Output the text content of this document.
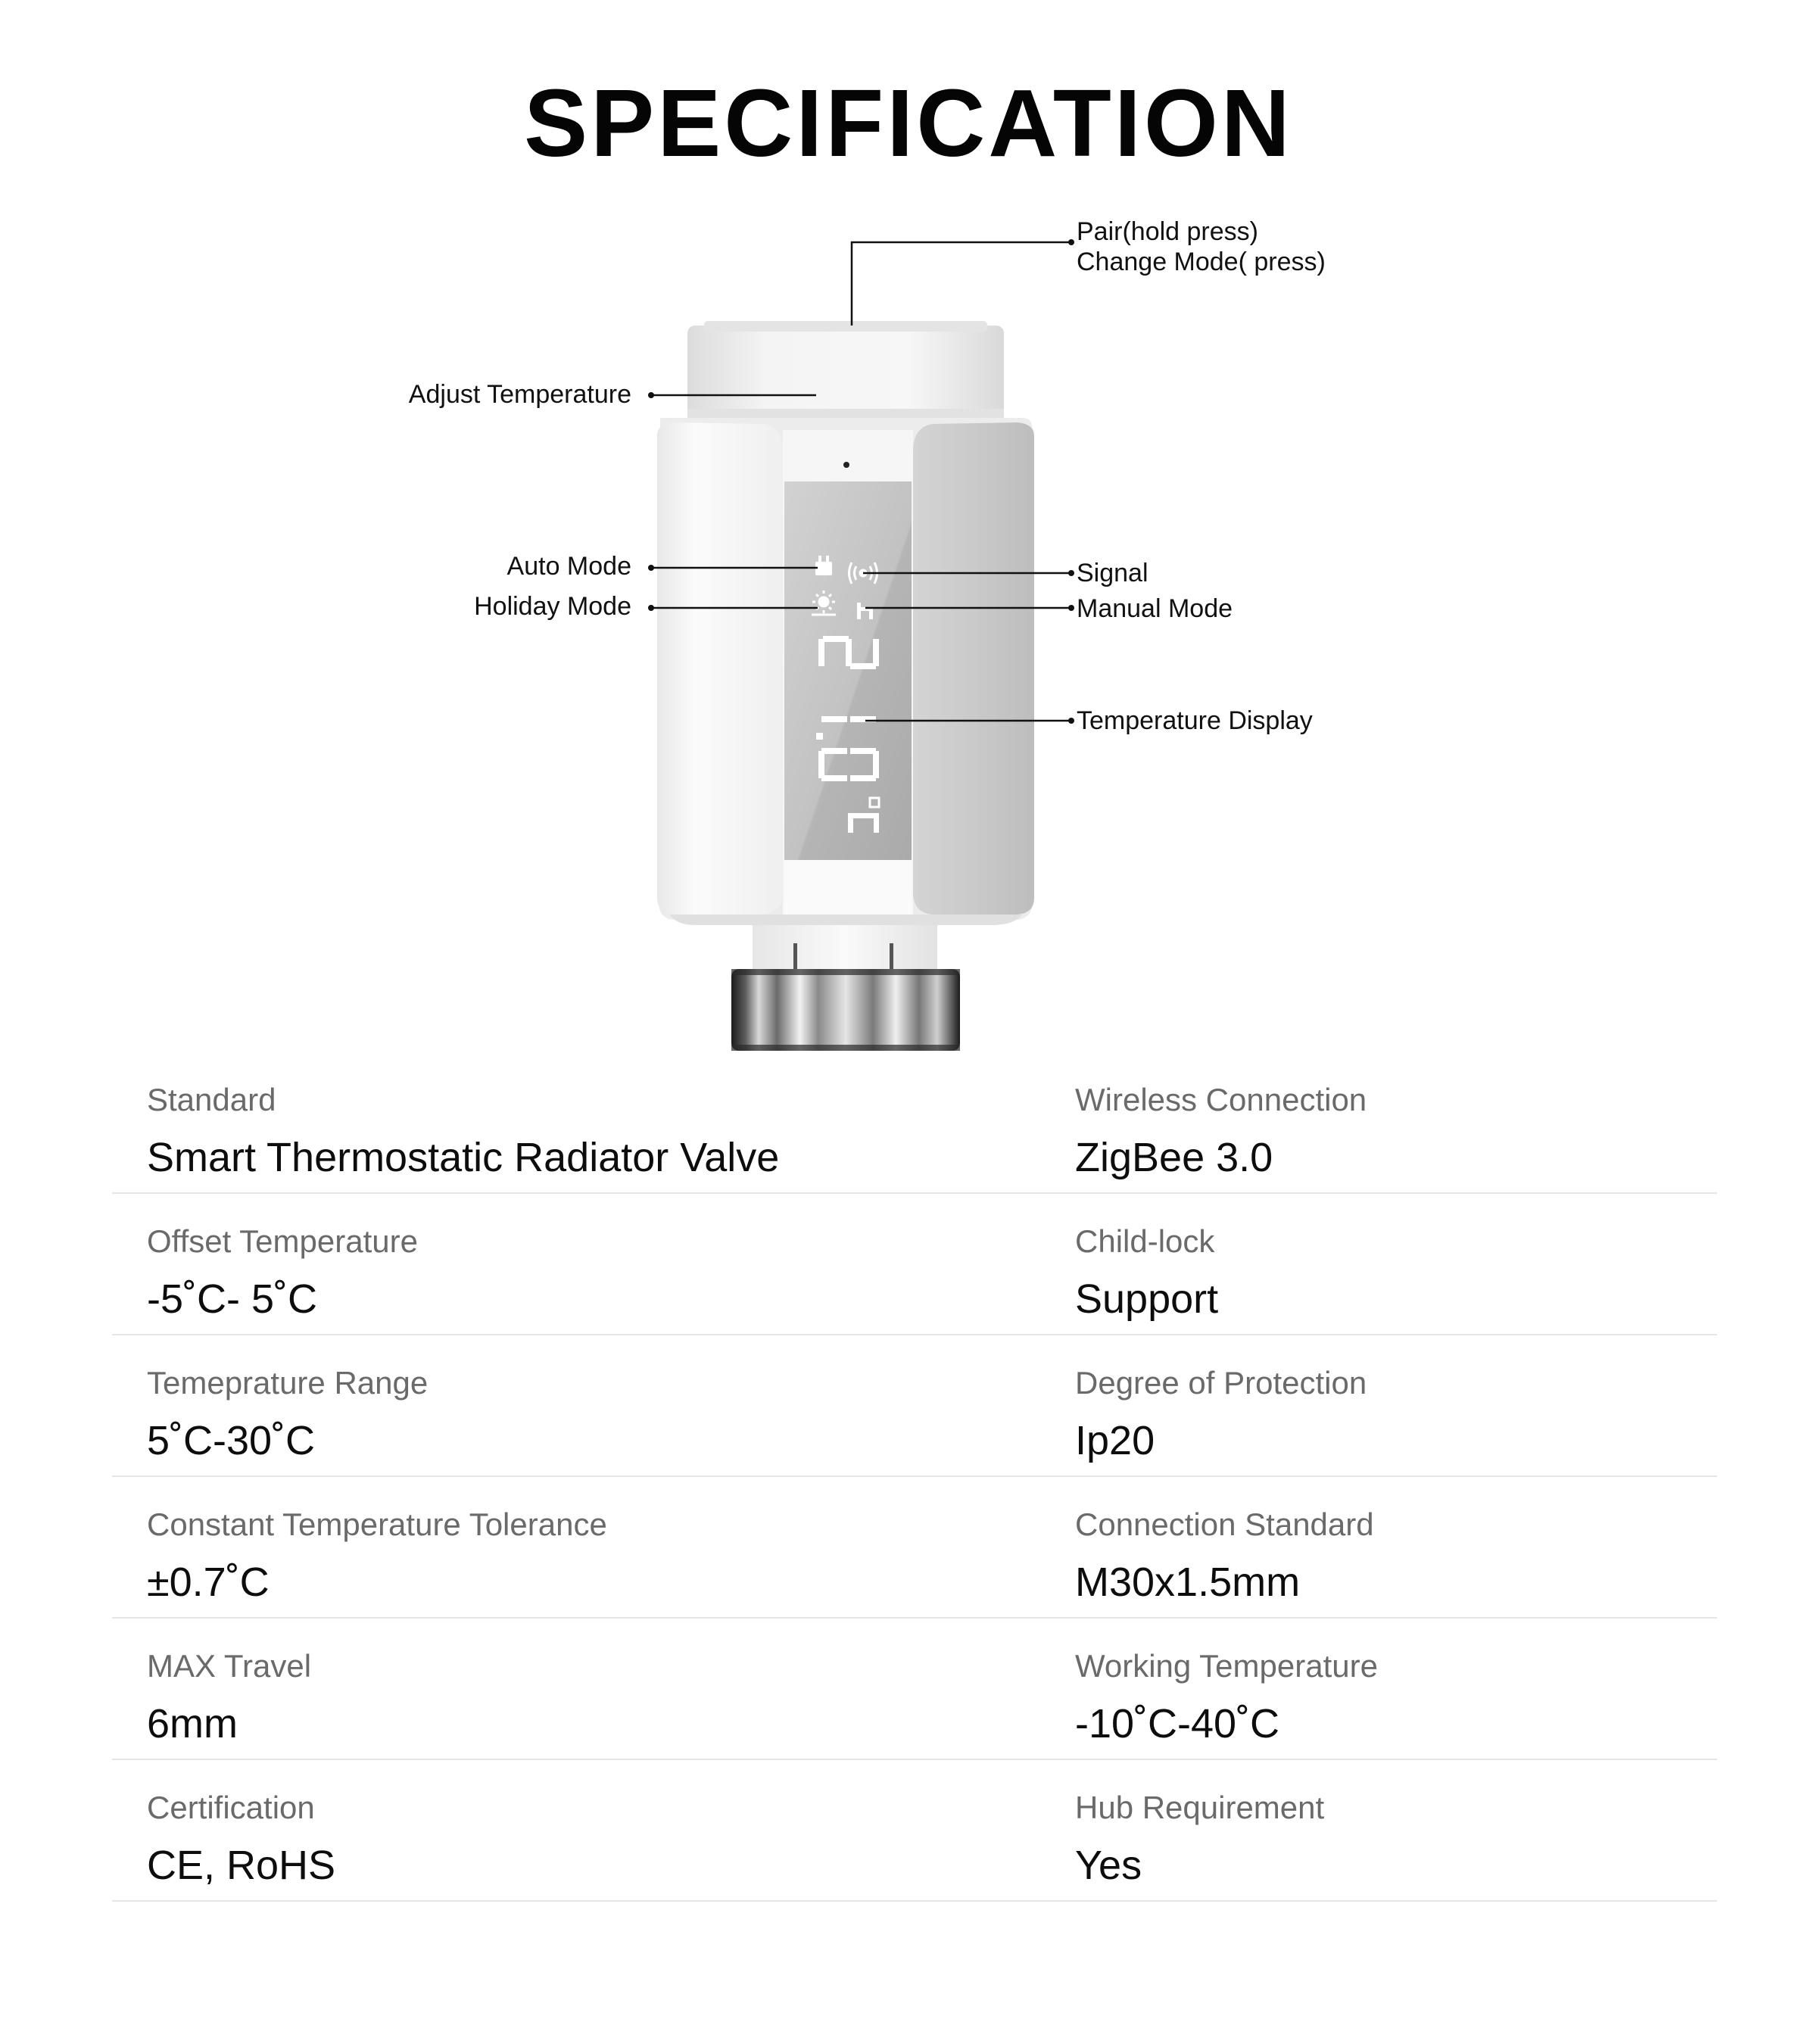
SPECIFICATION
Pair(hold press)
Change Mode( press)
Adjust Temperature
Auto Mode
Holiday Mode
Signal
Manual Mode
Temperature Display
Standard
Smart Thermostatic Radiator Valve
Wireless Connection
ZigBee 3.0
Offset Temperature
-5˚C- 5˚C
Child-lock
Support
Temeprature Range
5˚C-30˚C
Degree of Protection
Ip20
Constant Temperature Tolerance
±0.7˚C
Connection Standard
M30x1.5mm
MAX Travel
6mm
Working Temperature
-10˚C-40˚C
Certification
CE, RoHS
Hub Requirement
Yes
